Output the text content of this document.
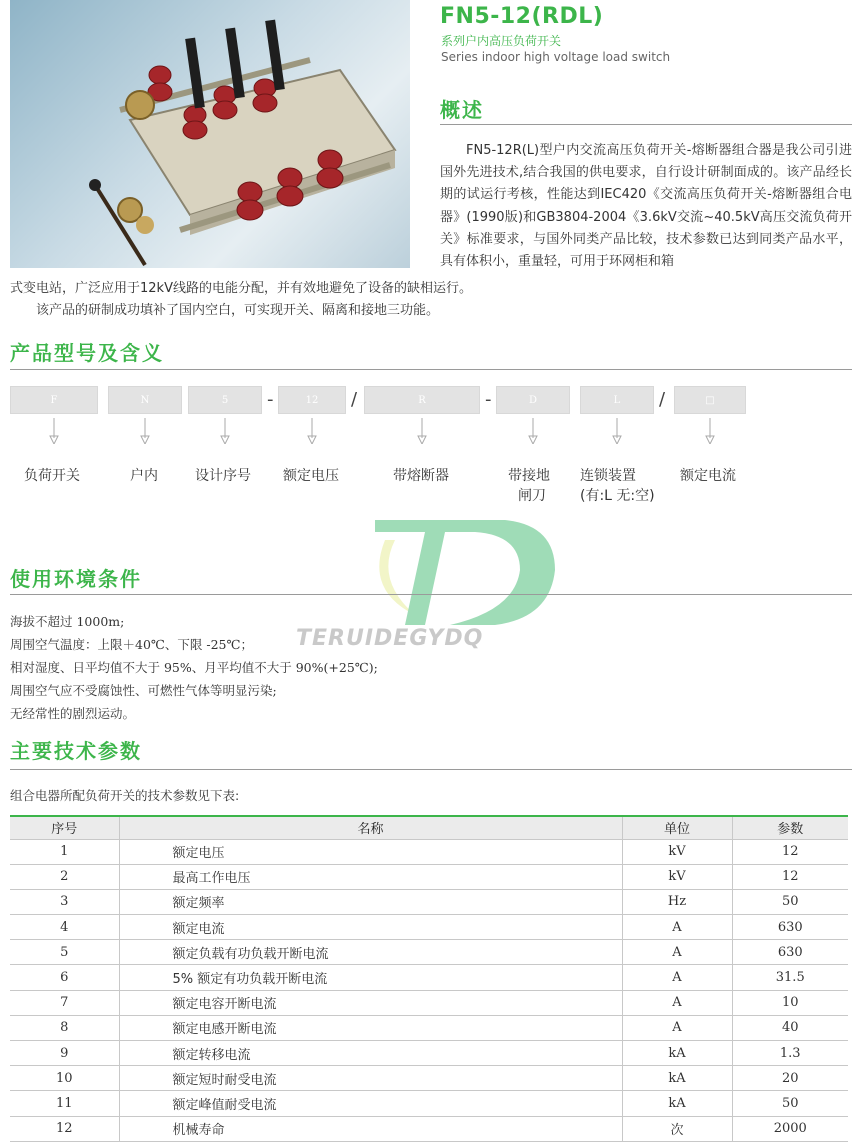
FN5-12(RDL)
系列户内高压负荷开关
Series indoor high voltage load switch
概述

FN5-12R(L)型户内交流高压负荷开关-熔断器组合器是我公司引进国外先进技术,结合我国的供电要求，自行设计研制面成的。该产品经长期的试运行考核，性能达到IEC420《交流高压负荷开关-熔断器组合电器》(1990版)和GB3804-2004《3.6kV交流~40.5kV高压交流负荷开关》标准要求，与国外同类产品比较，技术参数已达到同类产品水平，具有体积小，重量轻，可用于环网柜和箱

式变电站，广泛应用于12kV线路的电能分配，并有效地避免了设备的缺相运行。

该产品的研制成功填补了国内空白，可实现开关、隔离和接地三功能。

产品型号及含义
F	N	5	-	12	/	R	-	D	L	/	□
负荷开关	户内	设计序号 额定电压	带熔断器	带接地
闸刀
连锁装置
(有:L 无:空)
额定电流
TERUIDEGYDQ
使用环境条件
海拔不超过 1000m;
周围空气温度：上限＋40℃、下限 -25℃；
相对湿度、日平均值不大于 95%、月平均值不大于 90%(+25℃);
周围空气应不受腐蚀性、可燃性气体等明显污染;
无经常性的剧烈运动。
主要技术参数
组合电器所配负荷开关的技术参数见下表:
序号	名称	单位	参数
1	额定电压	kV	12
2	最高工作电压	kV	12
3	额定频率	Hz	50
4	额定电流	A	630
5	额定负载有功负载开断电流	A	630
6	5% 额定有功负载开断电流	A	31.5
7	额定电容开断电流	A	10
8	额定电感开断电流	A	40
9	额定转移电流	kA	1.3
10	额定短时耐受电流	kA	20
11	额定峰值耐受电流	kA	50
12	机械寿命	次	2000
